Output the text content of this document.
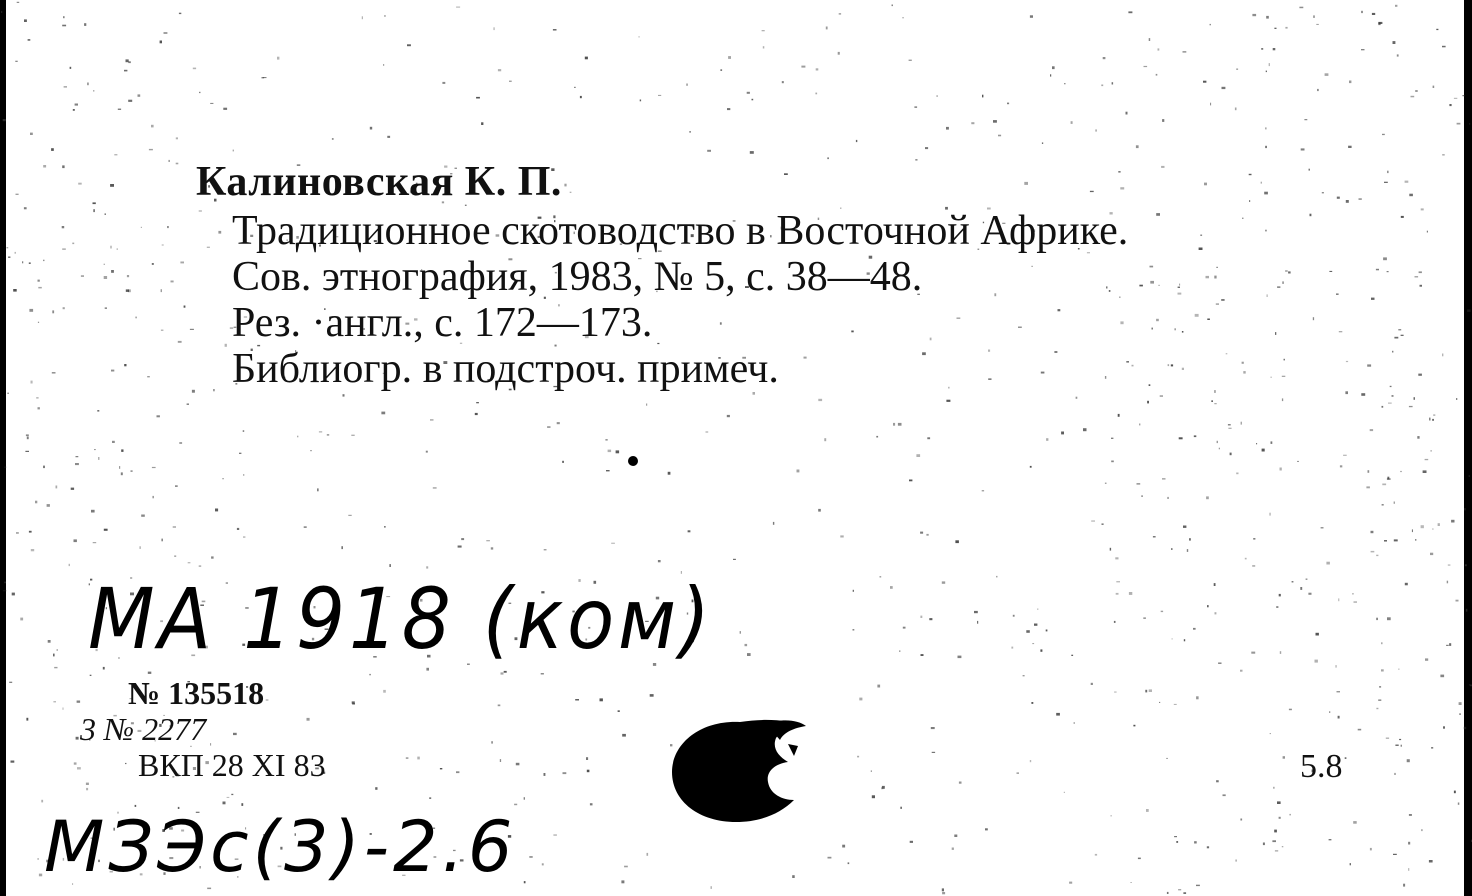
Калиновская К. П.
Традиционное скотоводство в Восточной Африке.
Сов. этнография, 1983, № 5, с. 38—48.
Рез. ·англ., с. 172—173.
Библиогр. в подстроч. примеч.
МА 1918 (ком)
№ 135518
3 № 2277
ВКП 28 XI 83	5.8
МЗЭс(3)-2.6
